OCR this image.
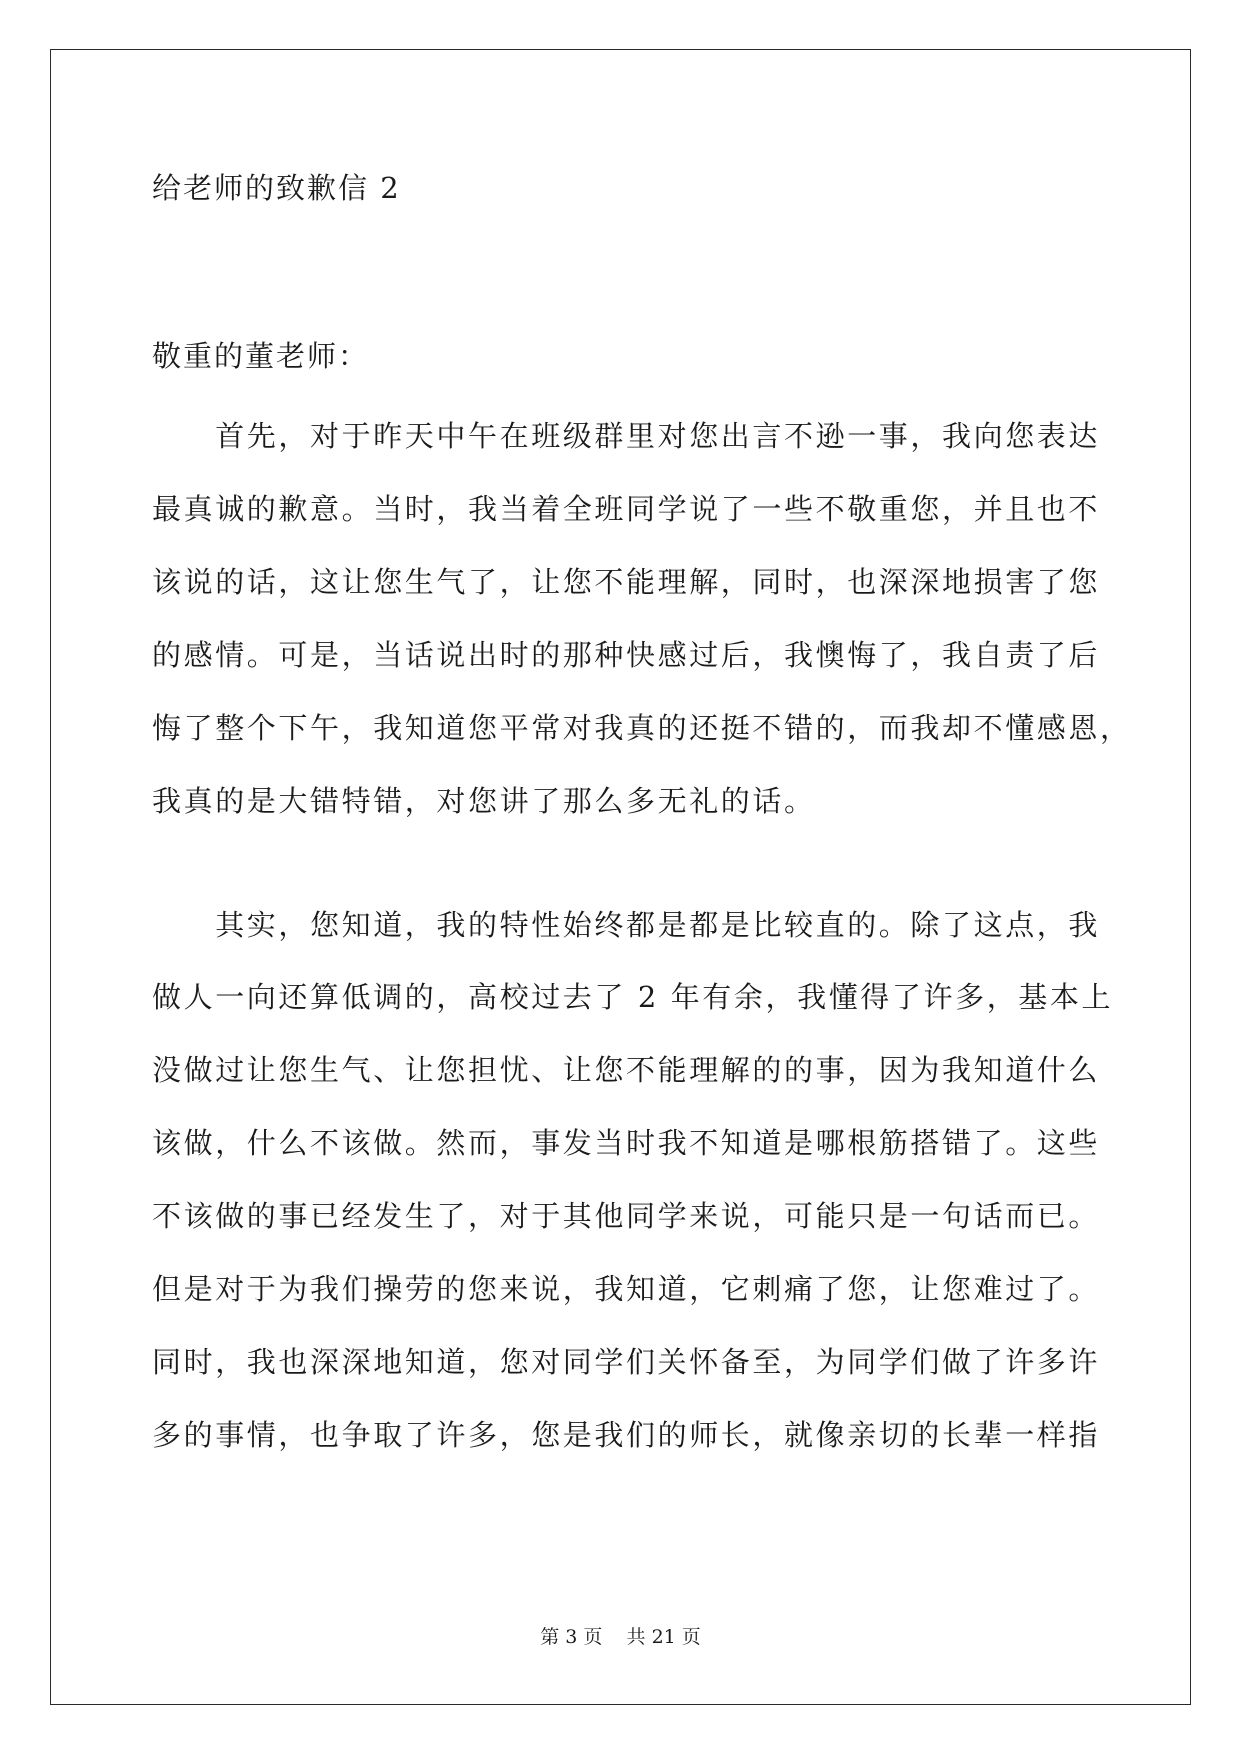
给老师的致歉信 2
敬重的董老师：
　　首先，对于昨天中午在班级群里对您出言不逊一事，我向您表达
最真诚的歉意。当时，我当着全班同学说了一些不敬重您，并且也不
该说的话，这让您生气了，让您不能理解，同时，也深深地损害了您
的感情。可是，当话说出时的那种快感过后，我懊悔了，我自责了后
悔了整个下午，我知道您平常对我真的还挺不错的，而我却不懂感恩，
我真的是大错特错，对您讲了那么多无礼的话。
　　其实，您知道，我的特性始终都是都是比较直的。除了这点，我
做人一向还算低调的，高校过去了 2 年有余，我懂得了许多，基本上
没做过让您生气、让您担忧、让您不能理解的的事，因为我知道什么
该做，什么不该做。然而，事发当时我不知道是哪根筋搭错了。这些
不该做的事已经发生了，对于其他同学来说，可能只是一句话而已。
但是对于为我们操劳的您来说，我知道，它刺痛了您，让您难过了。
同时，我也深深地知道，您对同学们关怀备至，为同学们做了许多许
多的事情，也争取了许多，您是我们的师长，就像亲切的长辈一样指
第 3 页 共 21 页
